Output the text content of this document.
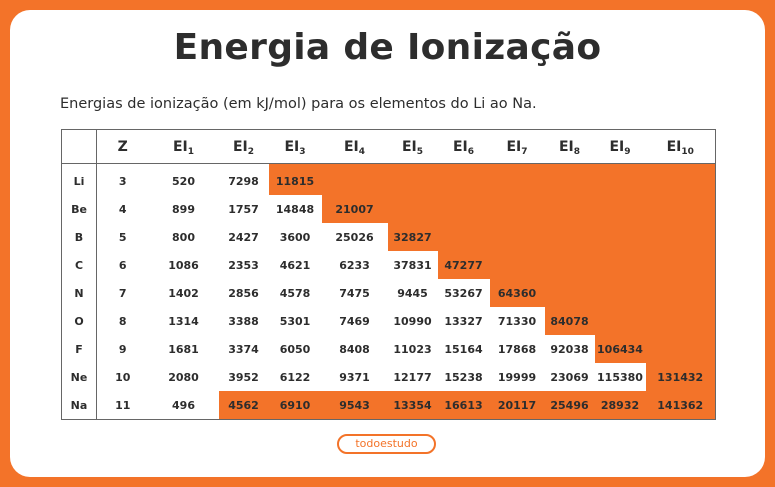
Energia de Ionização
Energias de ionização (em kJ/mol) para os elementos do Li ao Na.
	Z	$EI_1$	$EI_2$	$EI_3$	$EI_4$	$EI_5$	$EI_6$	$EI_7$	$EI_8$	$EI_9$	$EI_{10}$
Li	3	520	7298	11815							
Be	4	899	1757	14848	21007						
B	5	800	2427	3600	25026	32827					
C	6	1086	2353	4621	6233	37831	47277				
N	7	1402	2856	4578	7475	9445	53267	64360			
O	8	1314	3388	5301	7469	10990	13327	71330	84078		
F	9	1681	3374	6050	8408	11023	15164	17868	92038	106434	
Ne	10	2080	3952	6122	9371	12177	15238	19999	23069	115380	131432
Na	11	496	4562	6910	9543	13354	16613	20117	25496	28932	141362
todoestudo
